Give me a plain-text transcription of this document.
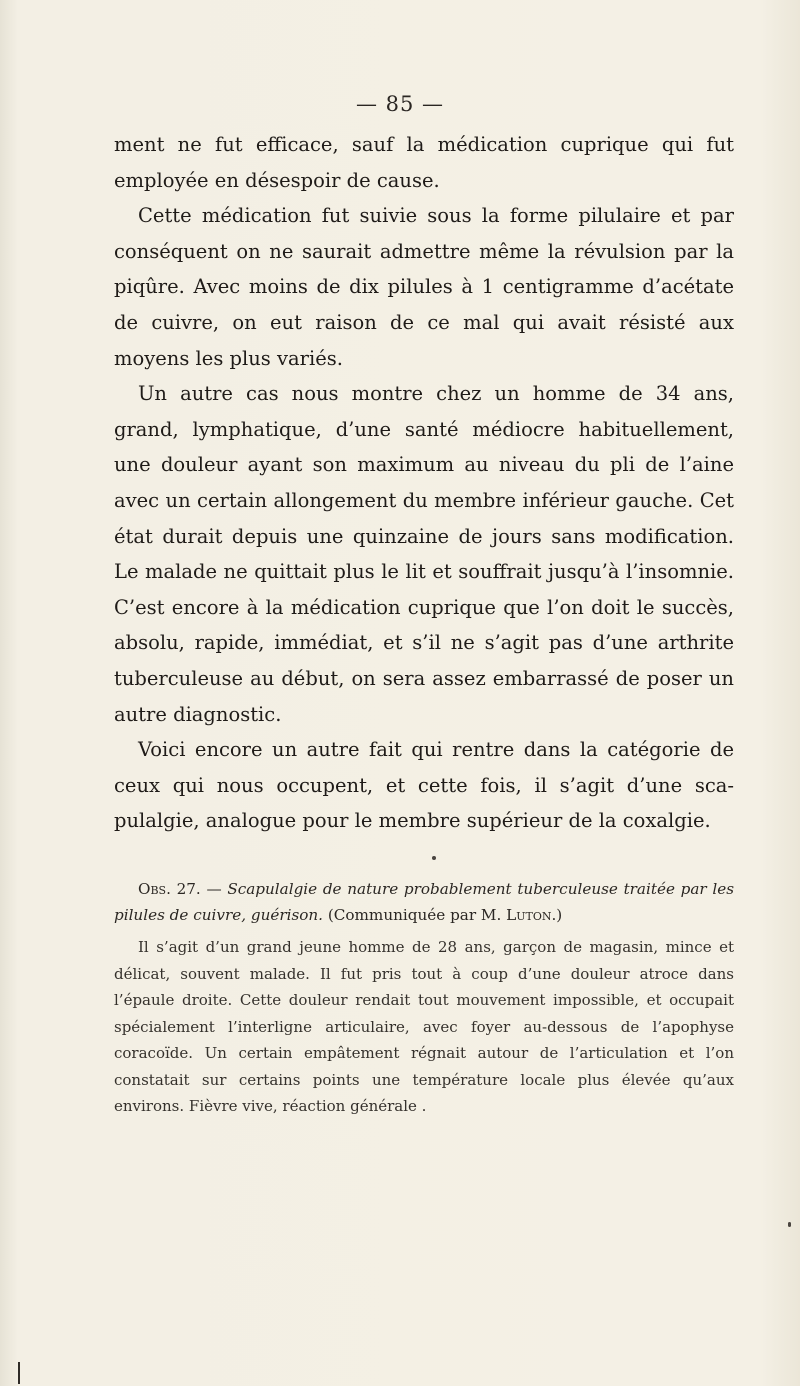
— 85 —

ment ne fut efficace, sauf la médication cuprique qui fut employée en désespoir de cause.

Cette médication fut suivie sous la forme pilulaire et par conséquent on ne saurait admettre même la révulsion par la piqûre. Avec moins de dix pilules à 1 centigramme d’acétate de cuivre, on eut raison de ce mal qui avait résisté aux moyens les plus variés.

Un autre cas nous montre chez un homme de 34 ans, grand, lymphatique, d’une santé médiocre habituellement, une douleur ayant son maximum au niveau du pli de l’aine avec un certain allongement du membre inférieur gauche. Cet état durait depuis une quinzaine de jours sans modification. Le malade ne quittait plus le lit et souffrait jusqu’à l’insomnie. C’est encore à la médication cuprique que l’on doit le succès, absolu, rapide, immédiat, et s’il ne s’agit pas d’une arthrite tuberculeuse au début, on sera assez embarrassé de poser un autre diagnostic.

Voici encore un autre fait qui rentre dans la catégorie de ceux qui nous occupent, et cette fois, il s’agit d’une scapulalgie, analogue pour le membre supérieur de la coxalgie.

Obs. 27. — Scapulalgie de nature probablement tuberculeuse traitée par les pilules de cuivre, guérison. (Communiquée par M. Luton.)

Il s’agit d’un grand jeune homme de 28 ans, garçon de magasin, mince et délicat, souvent malade. Il fut pris tout à coup d’une douleur atroce dans l’épaule droite. Cette douleur rendait tout mouvement impossible, et occupait spécialement l’interligne articulaire, avec foyer au-dessous de l’apophyse coracoïde. Un certain empâtement régnait autour de l’articulation et l’on constatait sur certains points une température locale plus élevée qu’aux environs. Fièvre vive, réaction générale .
